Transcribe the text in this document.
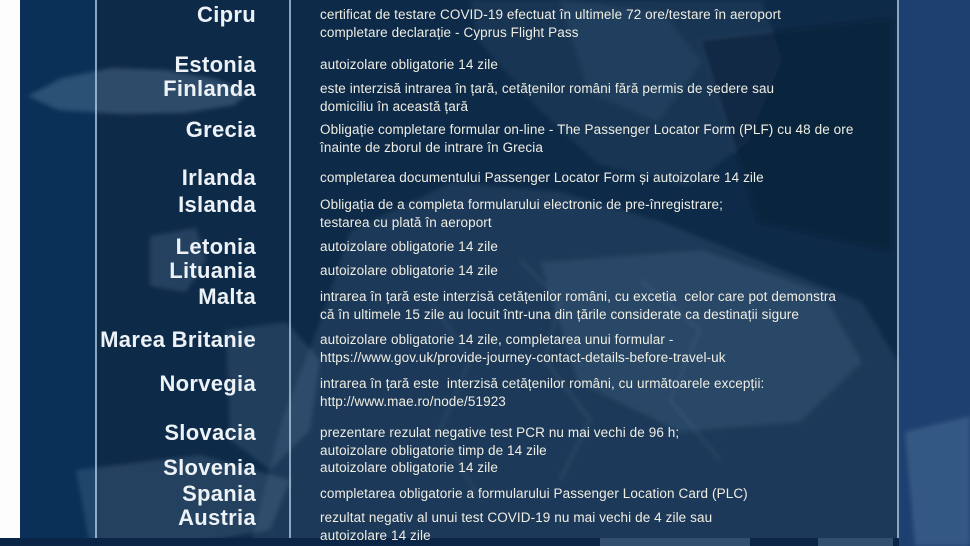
Cipru	certificat de testare COVID-19 efectuat în ultimele 72 ore/testare în aeroport
completare declarație - Cyprus Flight Pass
Estonia	autoizolare obligatorie 14 zile
Finlanda	este interzisă intrarea în țară, cetățenilor români fără permis de ședere sau
domiciliu în această țară
Grecia	Obligație completare formular on-line - The Passenger Locator Form (PLF) cu 48 de ore
înainte de zborul de intrare în Grecia
Irlanda	completarea documentului Passenger Locator Form și autoizolare 14 zile
Islanda	Obligația de a completa formularului electronic de pre-înregistrare;
testarea cu plată în aeroport
Letonia	autoizolare obligatorie 14 zile
Lituania	autoizolare obligatorie 14 zile
Malta	intrarea în țară este interzisă cetățenilor români, cu excetia  celor care pot demonstra
că în ultimele 15 zile au locuit într-una din țările considerate ca destinații sigure
Marea Britanie	autoizolare obligatorie 14 zile, completarea unui formular -
https://www.gov.uk/provide-journey-contact-details-before-travel-uk
Norvegia	intrarea în țară este  interzisă cetățenilor români, cu următoarele excepții:
http://www.mae.ro/node/51923
Slovacia	prezentare rezulat negative test PCR nu mai vechi de 96 h;
autoizolare obligatorie timp de 14 zile
Slovenia	autoizolare obligatorie 14 zile
Spania	completarea obligatorie a formularului Passenger Location Card (PLC)
Austria	rezultat negativ al unui test COVID-19 nu mai vechi de 4 zile sau
autoizolare 14 zile
